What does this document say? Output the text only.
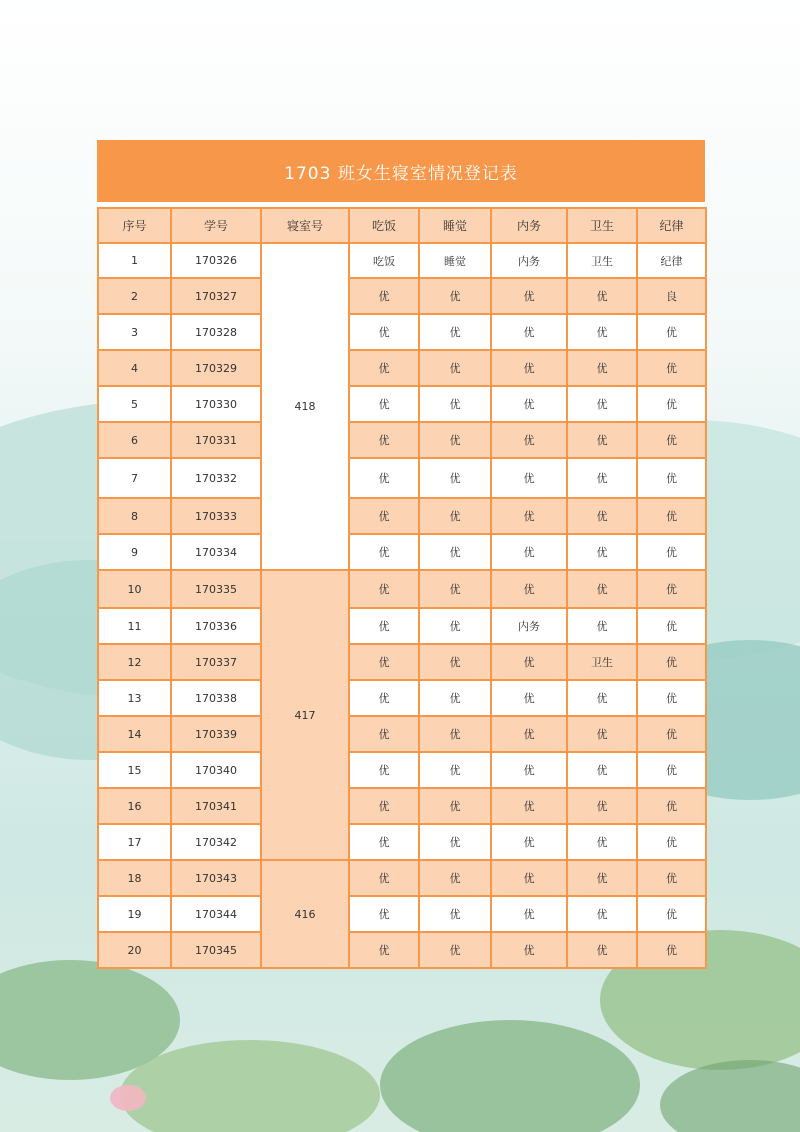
1703 班女生寝室情况登记表
序号	学号	寝室号	吃饭	睡觉	内务	卫生	纪律
1	170326	418	吃饭	睡觉	内务	卫生	纪律
2	170327		优	优	优	优	良
3	170328		优	优	优	优	优
4	170329		优	优	优	优	优
5	170330		优	优	优	优	优
6	170331		优	优	优	优	优
7	170332		优	优	优	优	优
8	170333		优	优	优	优	优
9	170334		优	优	优	优	优
10	170335	417	优	优	优	优	优
11	170336		优	优	内务	优	优
12	170337		优	优	优	卫生	优
13	170338		优	优	优	优	优
14	170339		优	优	优	优	优
15	170340		优	优	优	优	优
16	170341		优	优	优	优	优
17	170342		优	优	优	优	优
18	170343	416	优	优	优	优	优
19	170344		优	优	优	优	优
20	170345		优	优	优	优	优
